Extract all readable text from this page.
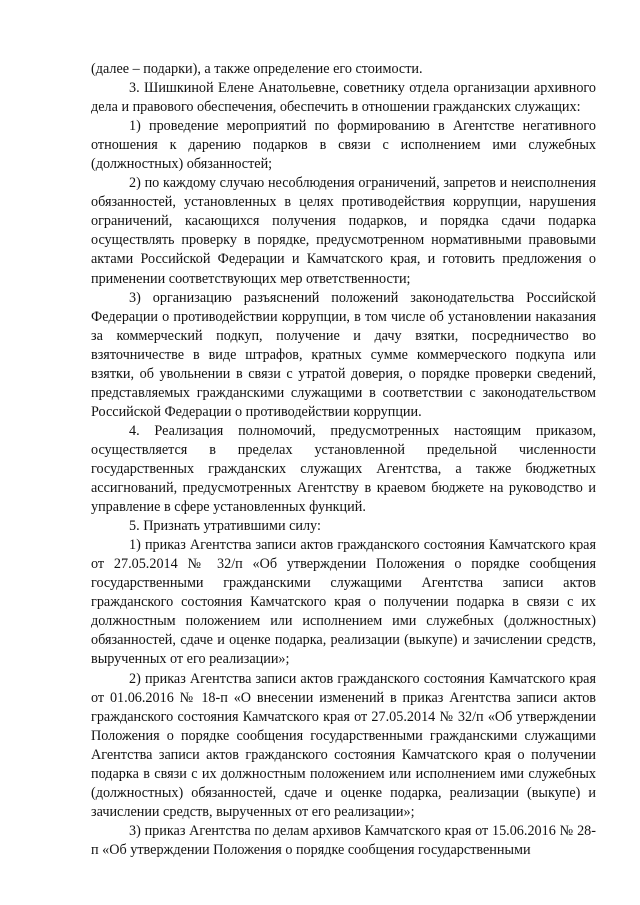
(далее – подарки), а также определение его стоимости.

3. Шишкиной Елене Анатольевне, советнику отдела организации архивного дела и правового обеспечения, обеспечить в отношении гражданских служащих:

1) проведение мероприятий по формированию в Агентстве негативного отношения к дарению подарков в связи с исполнением ими служебных (должностных) обязанностей;

2) по каждому случаю несоблюдения ограничений, запретов и неисполнения обязанностей, установленных в целях противодействия коррупции, нарушения ограничений, касающихся получения подарков, и порядка сдачи подарка осуществлять проверку в порядке, предусмотренном нормативными правовыми актами Российской Федерации и Камчатского края, и готовить предложения о применении соответствующих мер ответственности;

3) организацию разъяснений положений законодательства Российской Федерации о противодействии коррупции, в том числе об установлении наказания за коммерческий подкуп, получение и дачу взятки, посредничество во взяточничестве в виде штрафов, кратных сумме коммерческого подкупа или взятки, об увольнении в связи с утратой доверия, о порядке проверки сведений, представляемых гражданскими служащими в соответствии с законодательством Российской Федерации о противодействии коррупции.

4. Реализация полномочий, предусмотренных настоящим приказом, осуществляется в пределах установленной предельной численности государственных гражданских служащих Агентства, а также бюджетных ассигнований, предусмотренных Агентству в краевом бюджете на руководство и управление в сфере установленных функций.

5. Признать утратившими силу:

1) приказ Агентства записи актов гражданского состояния Камчатского края от 27.05.2014 № 32/п «Об утверждении Положения о порядке сообщения государственными гражданскими служащими Агентства записи актов гражданского состояния Камчатского края о получении подарка в связи с их должностным положением или исполнением ими служебных (должностных) обязанностей, сдаче и оценке подарка, реализации (выкупе) и зачислении средств, вырученных от его реализации»;

2) приказ Агентства записи актов гражданского состояния Камчатского края от 01.06.2016 № 18-п «О внесении изменений в приказ Агентства записи актов гражданского состояния Камчатского края от 27.05.2014 № 32/п «Об утверждении Положения о порядке сообщения государственными гражданскими служащими Агентства записи актов гражданского состояния Камчатского края о получении подарка в связи с их должностным положением или исполнением ими служебных (должностных) обязанностей, сдаче и оценке подарка, реализации (выкупе) и зачислении средств, вырученных от его реализации»;

3) приказ Агентства по делам архивов Камчатского края от 15.06.2016 № 28-п «Об утверждении Положения о порядке сообщения государственными
